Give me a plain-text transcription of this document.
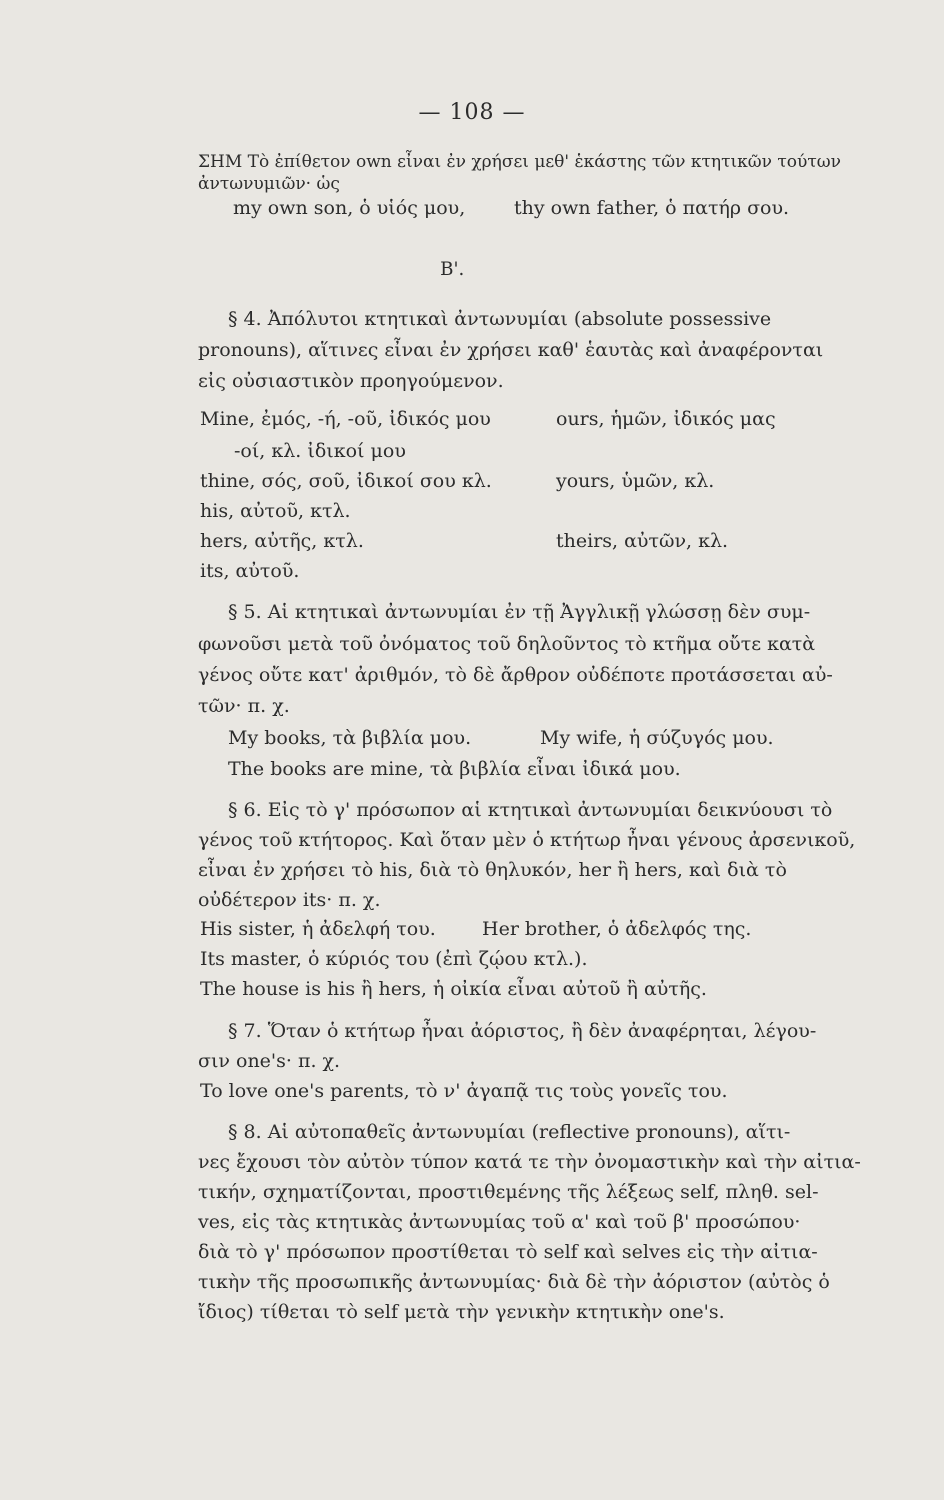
— 108 —
ΣΗΜ Τὸ ἐπίθετον own εἶναι ἐν χρήσει μεθ' ἑκάστης τῶν κτητικῶν τούτων
ἀντωνυμιῶν· ὡς
my own son, ὁ υἱός μου,	thy own father, ὁ πατήρ σου.
Β'.
§ 4. Ἀπόλυτοι κτητικαὶ ἀντωνυμίαι (absolute possessive
pronouns), αἵτινες εἶναι ἐν χρήσει καθ' ἑαυτὰς καὶ ἀναφέρονται
εἰς οὐσιαστικὸν προηγούμενον.
Mine, ἐμός, -ή, -οῦ, ἰδικός μου
-οί, κλ. ἰδικοί μου
thine, σός, σοῦ, ἰδικοί σου κλ.
his, αὐτοῦ, κτλ.
hers, αὐτῆς, κτλ.
its, αὐτοῦ.
ours, ἡμῶν, ἰδικός μας
yours, ὑμῶν, κλ.
theirs, αὐτῶν, κλ.
§ 5. Αἱ κτητικαὶ ἀντωνυμίαι ἐν τῇ Ἀγγλικῇ γλώσσῃ δὲν συμ-
φωνοῦσι μετὰ τοῦ ὀνόματος τοῦ δηλοῦντος τὸ κτῆμα οὔτε κατὰ
γένος οὔτε κατ' ἀριθμόν, τὸ δὲ ἄρθρον οὐδέποτε προτάσσεται αὐ-
τῶν· π. χ.
My books, τὰ βιβλία μου.	My wife, ἡ σύζυγός μου.
The books are mine, τὰ βιβλία εἶναι ἰδικά μου.
§ 6. Εἰς τὸ γ' πρόσωπον αἱ κτητικαὶ ἀντωνυμίαι δεικνύουσι τὸ
γένος τοῦ κτήτορος. Καὶ ὅταν μὲν ὁ κτήτωρ ἦναι γένους ἀρσενικοῦ,
εἶναι ἐν χρήσει τὸ his, διὰ τὸ θηλυκόν, her ἢ hers, καὶ διὰ τὸ
οὐδέτερον its· π. χ.
His sister, ἡ ἀδελφή του. Her brother, ὁ ἀδελφός της.
Its master, ὁ κύριός του (ἐπὶ ζῴου κτλ.).
The house is his ἢ hers, ἡ οἰκία εἶναι αὐτοῦ ἢ αὐτῆς.
§ 7. Ὅταν ὁ κτήτωρ ἦναι ἀόριστος, ἢ δὲν ἀναφέρηται, λέγου-
σιν one's· π. χ.
To love one's parents, τὸ ν' ἀγαπᾷ τις τοὺς γονεῖς του.
§ 8. Αἱ αὐτοπαθεῖς ἀντωνυμίαι (reflective pronouns), αἵτι-
νες ἔχουσι τὸν αὐτὸν τύπον κατά τε τὴν ὀνομαστικὴν καὶ τὴν αἰτια-
τικήν, σχηματίζονται, προστιθεμένης τῆς λέξεως self, πληθ. sel-
ves, εἰς τὰς κτητικὰς ἀντωνυμίας τοῦ α' καὶ τοῦ β' προσώπου·
διὰ τὸ γ' πρόσωπον προστίθεται τὸ self καὶ selves εἰς τὴν αἰτια-
τικὴν τῆς προσωπικῆς ἀντωνυμίας· διὰ δὲ τὴν ἀόριστον (αὐτὸς ὁ
ἴδιος) τίθεται τὸ self μετὰ τὴν γενικὴν κτητικὴν one's.
